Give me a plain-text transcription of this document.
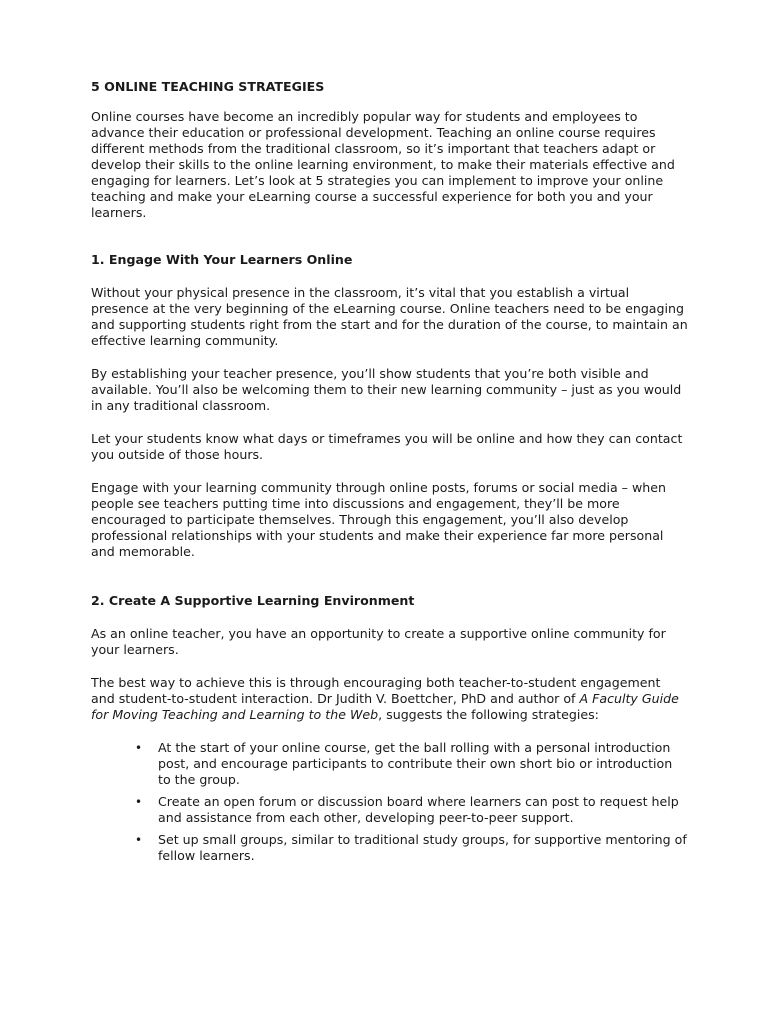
5 ONLINE TEACHING STRATEGIES

Online courses have become an incredibly popular way for students and employees to advance their education or professional development. Teaching an online course requires different methods from the traditional classroom, so it’s important that teachers adapt or develop their skills to the online learning environment, to make their materials effective and engaging for learners. Let’s look at 5 strategies you can implement to improve your online teaching and make your eLearning course a successful experience for both you and your learners.

1. Engage With Your Learners Online

Without your physical presence in the classroom, it’s vital that you establish a virtual presence at the very beginning of the eLearning course. Online teachers need to be engaging and supporting students right from the start and for the duration of the course, to maintain an effective learning community.

By establishing your teacher presence, you’ll show students that you’re both visible and available. You’ll also be welcoming them to their new learning community – just as you would in any traditional classroom.

Let your students know what days or timeframes you will be online and how they can contact you outside of those hours.

Engage with your learning community through online posts, forums or social media – when people see teachers putting time into discussions and engagement, they’ll be more encouraged to participate themselves. Through this engagement, you’ll also develop professional relationships with your students and make their experience far more personal and memorable.

2. Create A Supportive Learning Environment

As an online teacher, you have an opportunity to create a supportive online community for your learners.

The best way to achieve this is through encouraging both teacher-to-student engagement and student-to-student interaction. Dr Judith V. Boettcher, PhD and author of A Faculty Guide for Moving Teaching and Learning to the Web, suggests the following strategies:

• At the start of your online course, get the ball rolling with a personal introduction post, and encourage participants to contribute their own short bio or introduction to the group.
• Create an open forum or discussion board where learners can post to request help and assistance from each other, developing peer-to-peer support.
• Set up small groups, similar to traditional study groups, for supportive mentoring of fellow learners.
